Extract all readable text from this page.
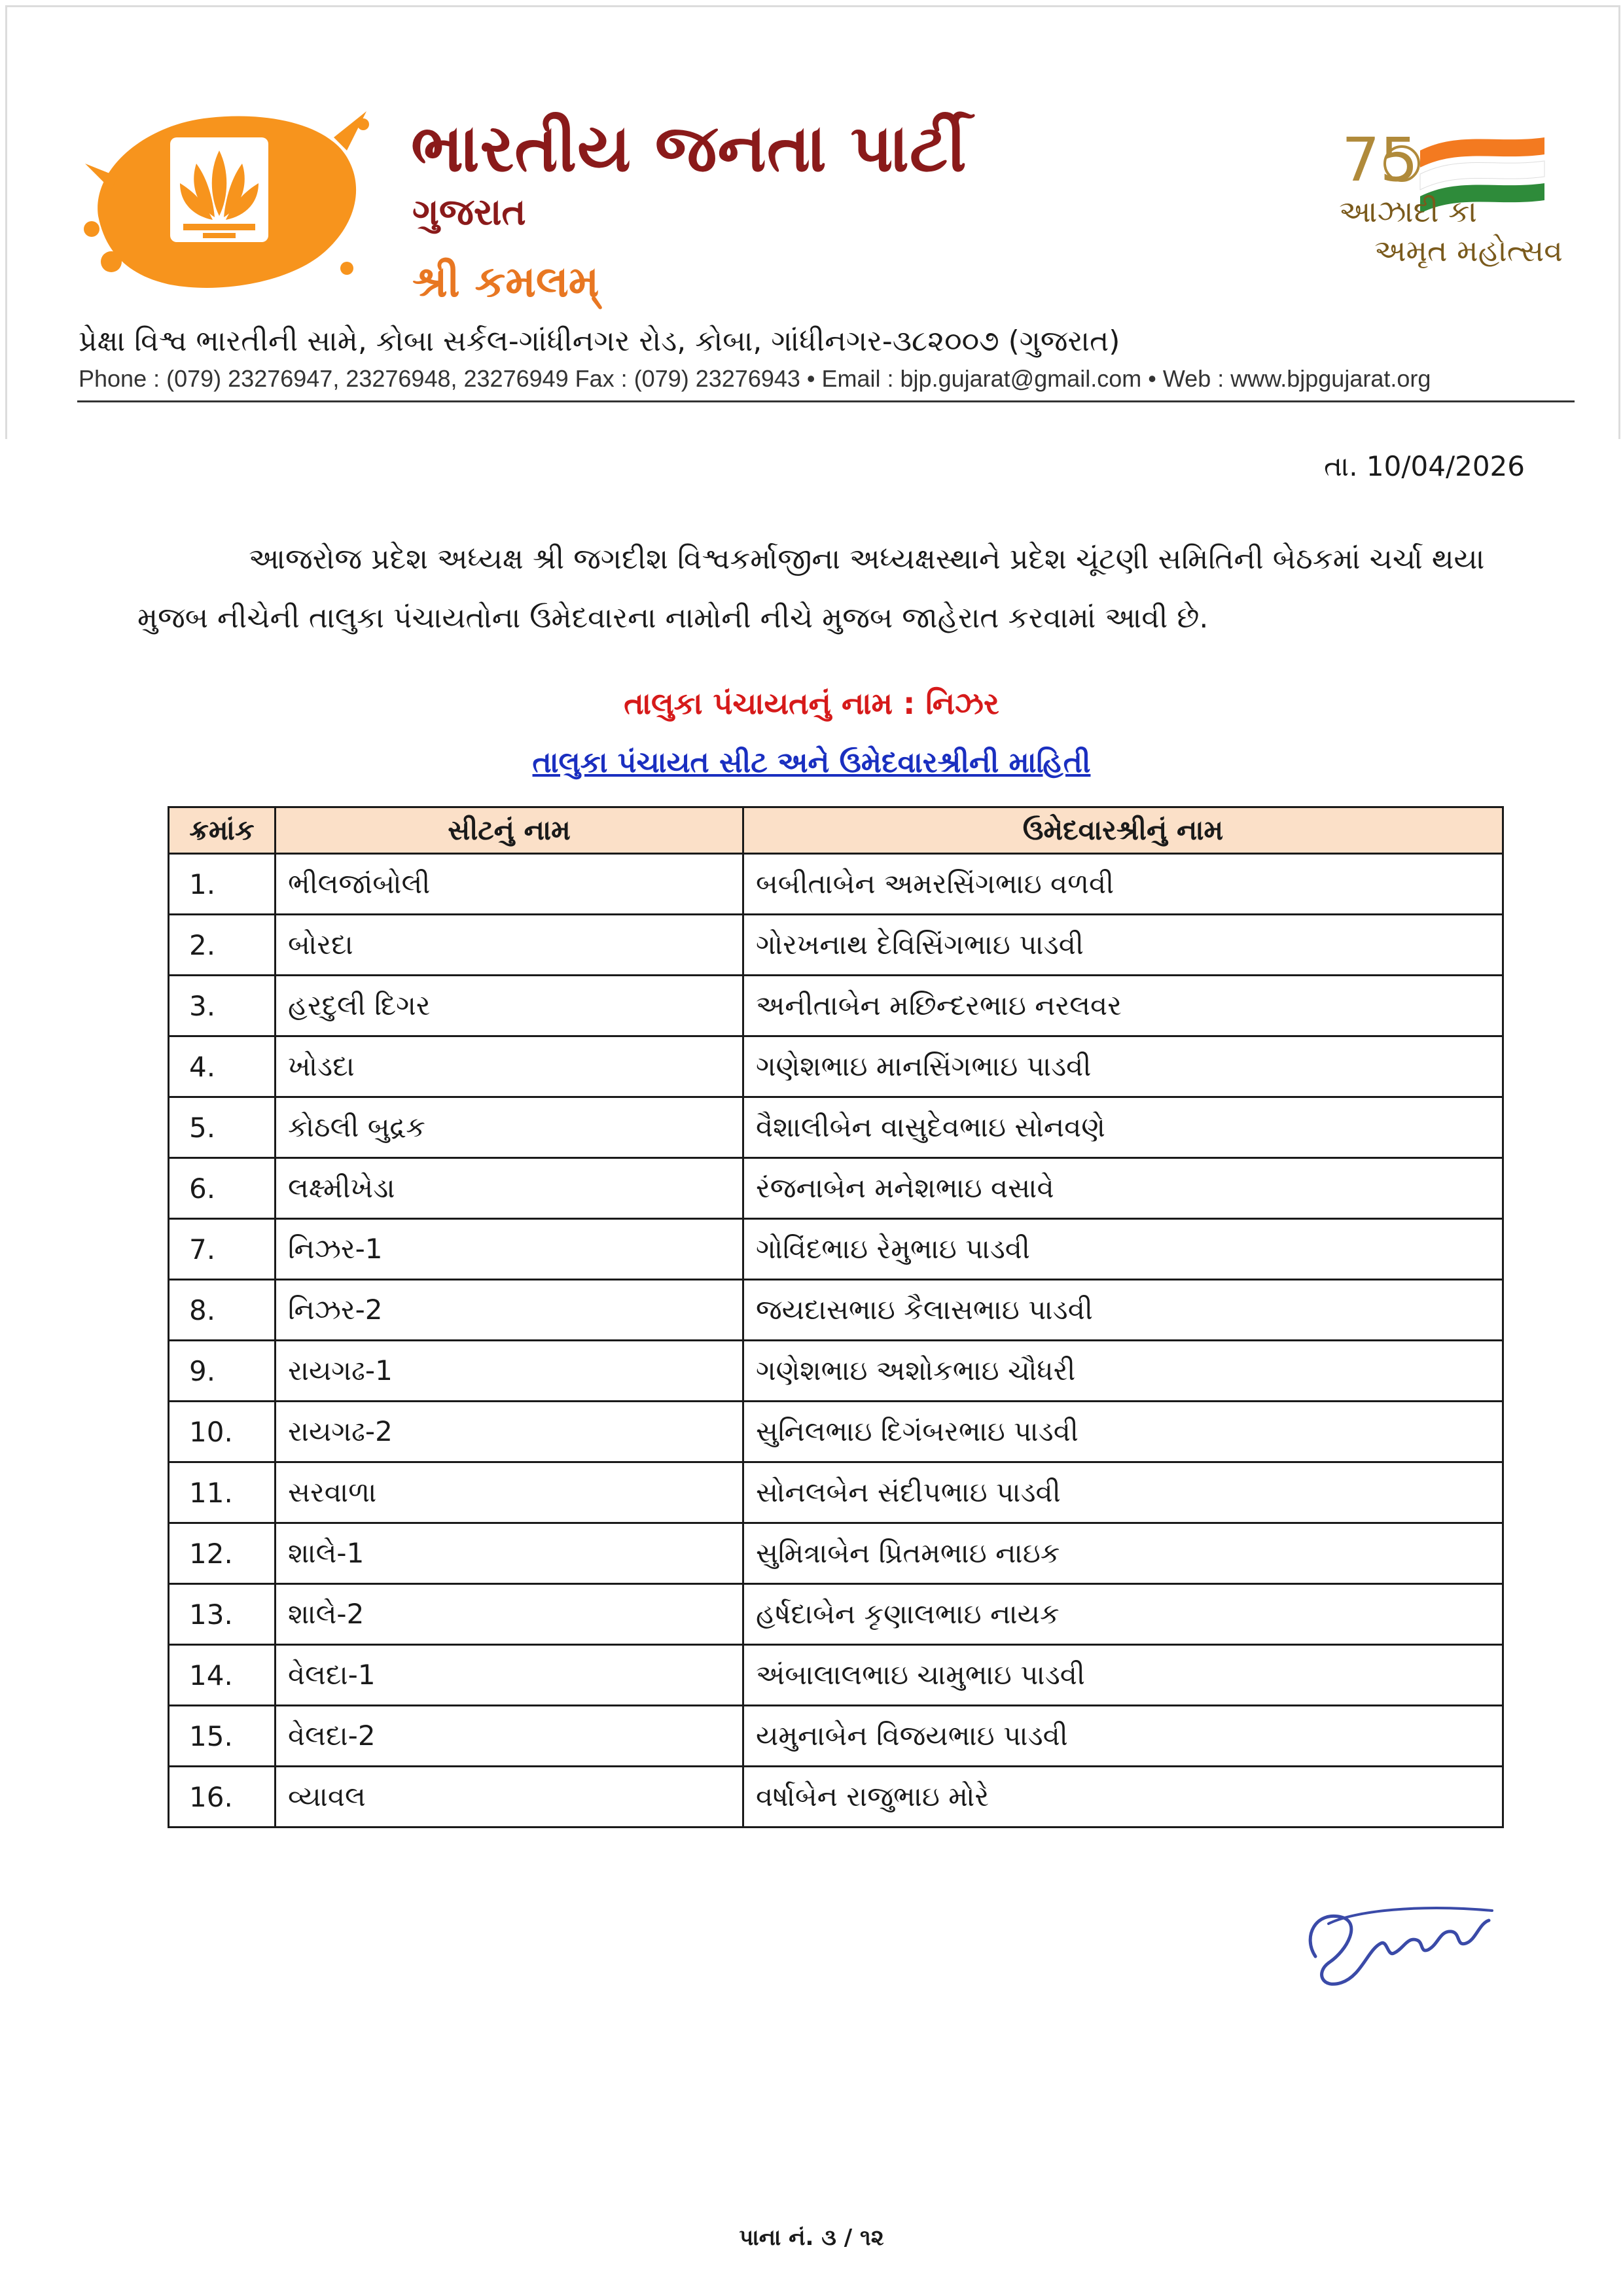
ભારતીય જનતા પાર્ટી
ગુજરાત
શ્રી કમલમ્
75
આઝાદી કા
અમૃત મહોત્સવ
પ્રેક્ષા વિશ્વ ભારતીની સામે, કોબા સર્કલ-ગાંધીનગર રોડ, કોબા, ગાંધીનગર-૩૮૨૦૦૭ (ગુજરાત)
Phone : (079) 23276947, 23276948, 23276949 Fax : (079) 23276943 • Email : bjp.gujarat@gmail.com • Web : www.bjpgujarat.org
તા. 10/04/2026
આજરોજ પ્રદેશ અધ્યક્ષ શ્રી જગદીશ વિશ્વકર્માજીના અધ્યક્ષસ્થાને પ્રદેશ ચૂંટણી સમિતિની બેઠકમાં ચર્ચા થયા મુજબ નીચેની તાલુકા પંચાયતોના ઉમેદવારના નામોની નીચે મુજબ જાહેરાત કરવામાં આવી છે.
તાલુકા પંચાયતનું નામ : નિઝર
તાલુકા પંચાયત સીટ અને ઉમેદવારશ્રીની માહિતી
ક્રમાંક	સીટનું નામ	ઉમેદવારશ્રીનું નામ
1.	ભીલજાંબોલી	બબીતાબેન અમરસિંગભાઇ વળવી
2.	બોરદા	ગોરખનાથ દેવિસિંગભાઇ પાડવી
3.	હરદુલી દિગર	અનીતાબેન મછિન્દરભાઇ નરલવર
4.	ખોડદા	ગણેશભાઇ માનસિંગભાઇ પાડવી
5.	કોઠલી બુદ્રક	વૈશાલીબેન વાસુદેવભાઇ સોનવણે
6.	લક્ષ્મીખેડા	રંજનાબેન મનેશભાઇ વસાવે
7.	નિઝર-1	ગોવિંદભાઇ રેમુભાઇ પાડવી
8.	નિઝર-2	જયદાસભાઇ કૈલાસભાઇ પાડવી
9.	રાયગઢ-1	ગણેશભાઇ અશોકભાઇ ચૌધરી
10.	રાયગઢ-2	સુનિલભાઇ દિગંબરભાઇ પાડવી
11.	સરવાળા	સોનલબેન સંદીપભાઇ પાડવી
12.	શાલે-1	સુમિત્રાબેન પ્રિતમભાઇ નાઇક
13.	શાલે-2	હર્ષદાબેન કૃણાલભાઇ નાયક
14.	વેલદા-1	અંબાલાલભાઇ ચામુભાઇ પાડવી
15.	વેલદા-2	યમુનાબેન વિજયભાઇ પાડવી
16.	વ્યાવલ	વર્ષાબેન રાજુભાઇ મોરે
પાના નં. ૩ / ૧૨
